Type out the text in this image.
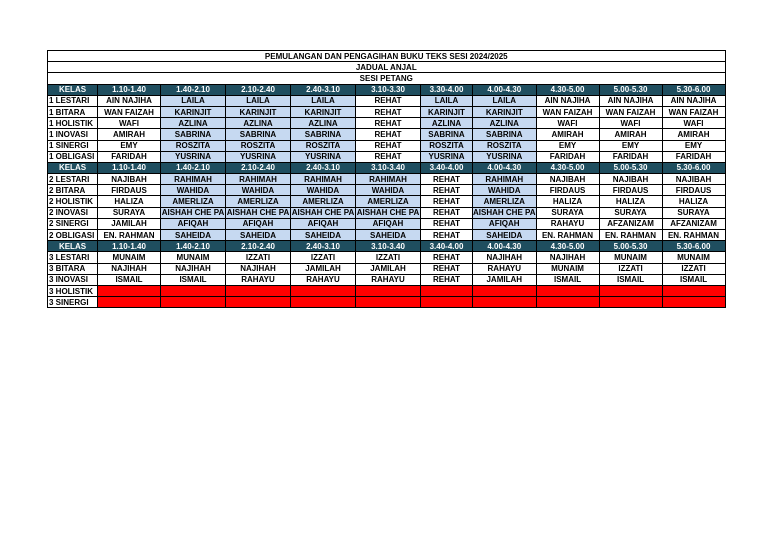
PEMULANGAN DAN PENGAGIHAN BUKU TEKS SESI 2024/2025										
JADUAL ANJAL										
SESI PETANG										
KELAS	1.10-1.40	1.40-2.10	2.10-2.40	2.40-3.10	3.10-3.30	3.30-4.00	4.00-4.30	4.30-5.00	5.00-5.30	5.30-6.00
1 LESTARI	AIN NAJIHA	LAILA	LAILA	LAILA	REHAT	LAILA	LAILA	AIN NAJIHA	AIN NAJIHA	AIN NAJIHA
1 BITARA	WAN FAIZAH	KARINJIT	KARINJIT	KARINJIT	REHAT	KARINJIT	KARINJIT	WAN FAIZAH	WAN FAIZAH	WAN FAIZAH
1 HOLISTIK	WAFI	AZLINA	AZLINA	AZLINA	REHAT	AZLINA	AZLINA	WAFI	WAFI	WAFI
1 INOVASI	AMIRAH	SABRINA	SABRINA	SABRINA	REHAT	SABRINA	SABRINA	AMIRAH	AMIRAH	AMIRAH
1 SINERGI	EMY	ROSZITA	ROSZITA	ROSZITA	REHAT	ROSZITA	ROSZITA	EMY	EMY	EMY
1 OBLIGASI	FARIDAH	YUSRINA	YUSRINA	YUSRINA	REHAT	YUSRINA	YUSRINA	FARIDAH	FARIDAH	FARIDAH
KELAS	1.10-1.40	1.40-2.10	2.10-2.40	2.40-3.10	3.10-3.40	3.40-4.00	4.00-4.30	4.30-5.00	5.00-5.30	5.30-6.00
2 LESTARI	NAJIBAH	RAHIMAH	RAHIMAH	RAHIMAH	RAHIMAH	REHAT	RAHIMAH	NAJIBAH	NAJIBAH	NAJIBAH
2 BITARA	FIRDAUS	WAHIDA	WAHIDA	WAHIDA	WAHIDA	REHAT	WAHIDA	FIRDAUS	FIRDAUS	FIRDAUS
2 HOLISTIK	HALIZA	AMERLIZA	AMERLIZA	AMERLIZA	AMERLIZA	REHAT	AMERLIZA	HALIZA	HALIZA	HALIZA
2 INOVASI	SURAYA	AISHAH CHE PA	AISHAH CHE PA	AISHAH CHE PA	AISHAH CHE PA	REHAT	AISHAH CHE PA	SURAYA	SURAYA	SURAYA
2 SINERGI	JAMILAH	AFIQAH	AFIQAH	AFIQAH	AFIQAH	REHAT	AFIQAH	RAHAYU	AFZANIZAM	AFZANIZAM
2 OBLIGASI	EN. RAHMAN	SAHEIDA	SAHEIDA	SAHEIDA	SAHEIDA	REHAT	SAHEIDA	EN. RAHMAN	EN. RAHMAN	EN. RAHMAN
KELAS	1.10-1.40	1.40-2.10	2.10-2.40	2.40-3.10	3.10-3.40	3.40-4.00	4.00-4.30	4.30-5.00	5.00-5.30	5.30-6.00
3 LESTARI	MUNAIM	MUNAIM	IZZATI	IZZATI	IZZATI	REHAT	NAJIHAH	NAJIHAH	MUNAIM	MUNAIM
3 BITARA	NAJIHAH	NAJIHAH	NAJIHAH	JAMILAH	JAMILAH	REHAT	RAHAYU	MUNAIM	IZZATI	IZZATI
3 INOVASI	ISMAIL	ISMAIL	RAHAYU	RAHAYU	RAHAYU	REHAT	JAMILAH	ISMAIL	ISMAIL	ISMAIL
3 HOLISTIK										
3 SINERGI										
